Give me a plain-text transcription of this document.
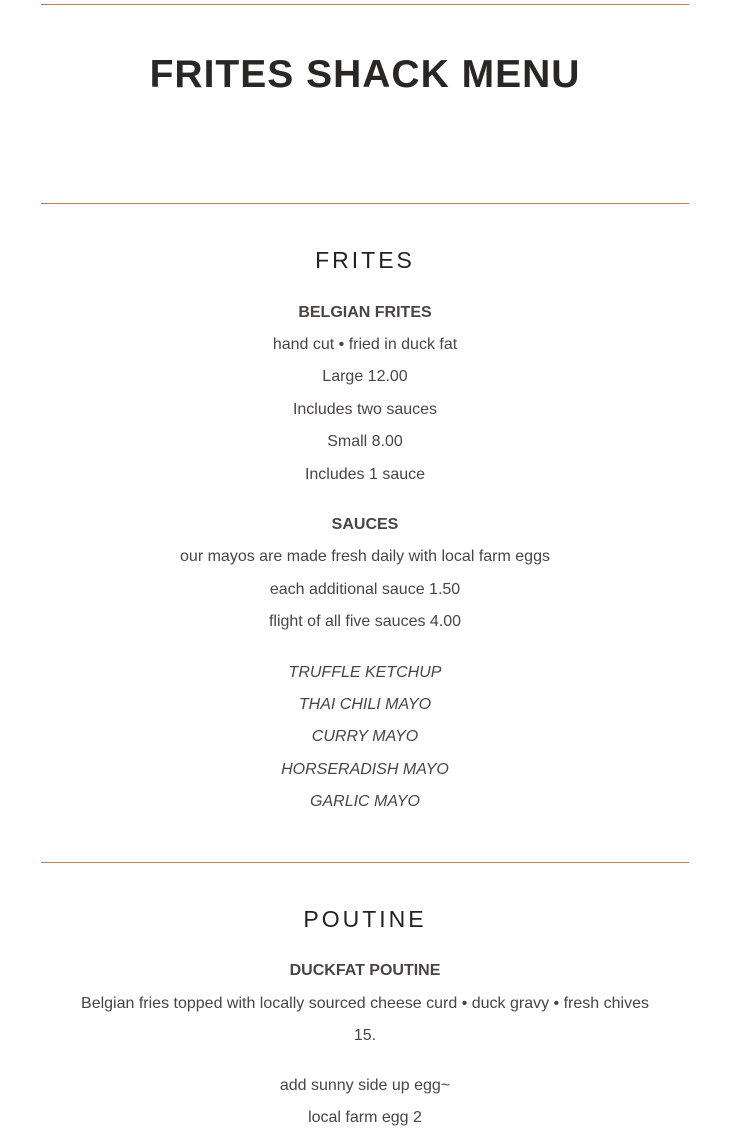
FRITES SHACK MENU
FRITES
BELGIAN FRITES
hand cut • fried in duck fat
Large 12.00
Includes two sauces
Small 8.00
Includes 1 sauce
SAUCES
our mayos are made fresh daily with local farm eggs
each additional sauce 1.50
flight of all five sauces 4.00
TRUFFLE KETCHUP
THAI CHILI MAYO
CURRY MAYO
HORSERADISH MAYO
GARLIC MAYO
POUTINE
DUCKFAT POUTINE
Belgian fries topped with locally sourced cheese curd • duck gravy • fresh chives
15.
add sunny side up egg~
local farm egg 2
